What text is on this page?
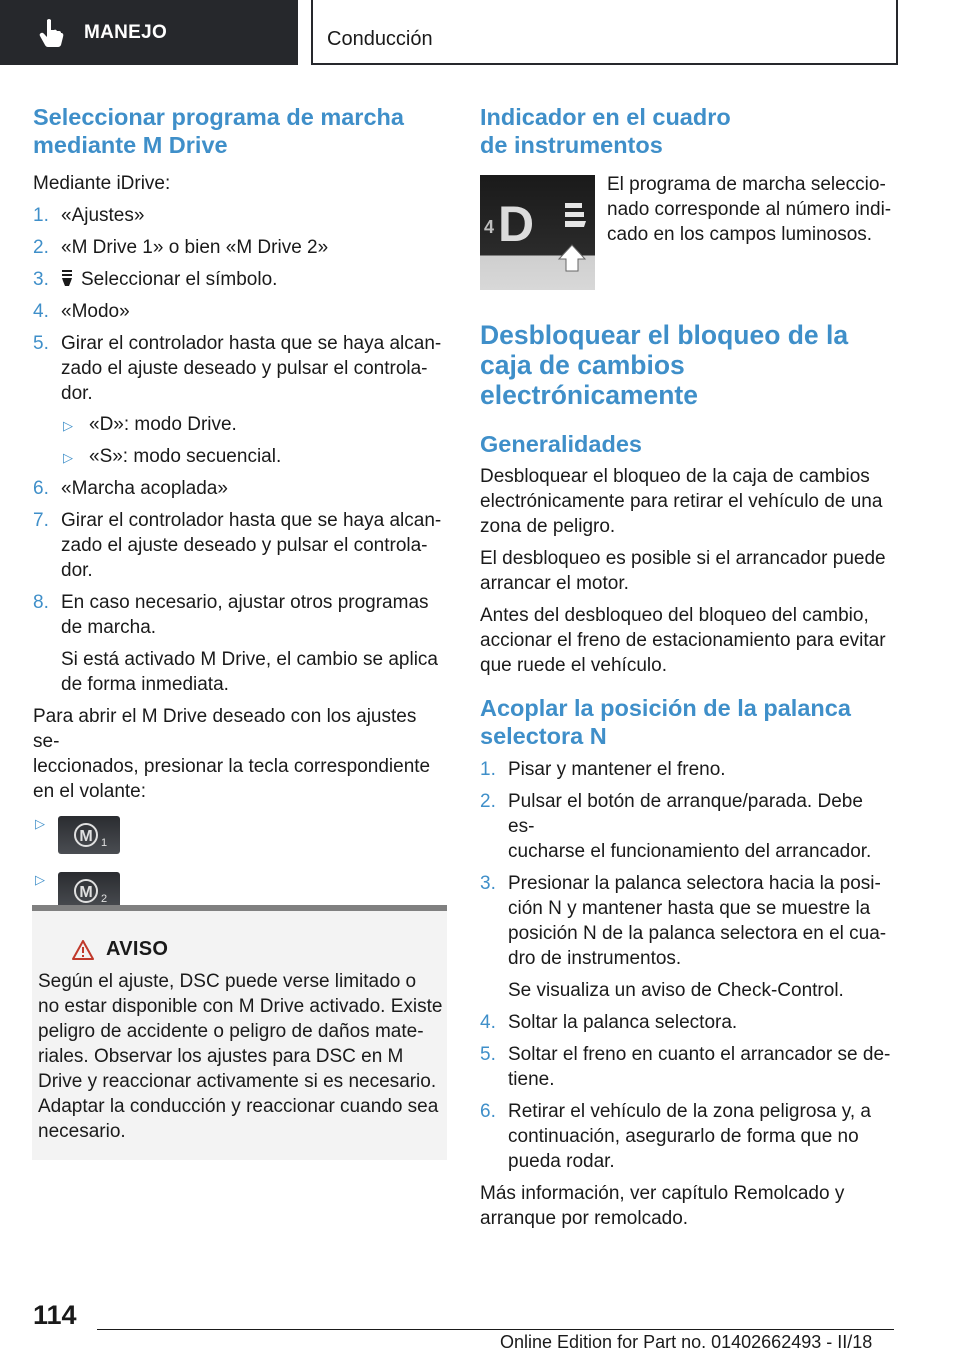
MANEJO	Conducción
Seleccionar programa de marcha
mediante M Drive

Mediante iDrive:

1. «Ajustes»
2. «M Drive 1» o bien «M Drive 2»
3. Seleccionar el símbolo.
4. «Modo»
5. Girar el controlador hasta que se haya alcan-
zado el ajuste deseado y pulsar el controla-
dor.
▷ «D»: modo Drive.
▷ «S»: modo secuencial.
6. «Marcha acoplada»
7. Girar el controlador hasta que se haya alcan-
zado el ajuste deseado y pulsar el controla-
dor.
8. En caso necesario, ajustar otros programas
de marcha.
Si está activado M Drive, el cambio se aplica
de forma inmediata.

Para abrir el M Drive deseado con los ajustes se-
leccionados, presionar la tecla correspondiente
en el volante:

▷
M 1
▷
M 2
AVISO
Según el ajuste, DSC puede verse limitado o
no estar disponible con M Drive activado. Existe
peligro de accidente o peligro de daños mate-
riales. Observar los ajustes para DSC en M
Drive y reaccionar activamente si es necesario.
Adaptar la conducción y reaccionar cuando sea
necesario.
Indicador en el cuadro
de instrumentos
4 D

El programa de marcha seleccio-
nado corresponde al número indi-
cado en los campos luminosos.

Desbloquear el bloqueo de la
caja de cambios
electrónicamente
Generalidades

Desbloquear el bloqueo de la caja de cambios
electrónicamente para retirar el vehículo de una
zona de peligro.

El desbloqueo es posible si el arrancador puede
arrancar el motor.

Antes del desbloqueo del bloqueo del cambio,
accionar el freno de estacionamiento para evitar
que ruede el vehículo.

Acoplar la posición de la palanca
selectora N
1. Pisar y mantener el freno.
2. Pulsar el botón de arranque/parada. Debe es-
cucharse el funcionamiento del arrancador.
3. Presionar la palanca selectora hacia la posi-
ción N y mantener hasta que se muestre la
posición N de la palanca selectora en el cua-
dro de instrumentos.
Se visualiza un aviso de Check-Control.
4. Soltar la palanca selectora.
5. Soltar el freno en cuanto el arrancador se de-
tiene.
6. Retirar el vehículo de la zona peligrosa y, a
continuación, asegurarlo de forma que no
pueda rodar.

Más información, ver capítulo Remolcado y
arranque por remolcado.

114
Online Edition for Part no. 01402662493 - II/18
